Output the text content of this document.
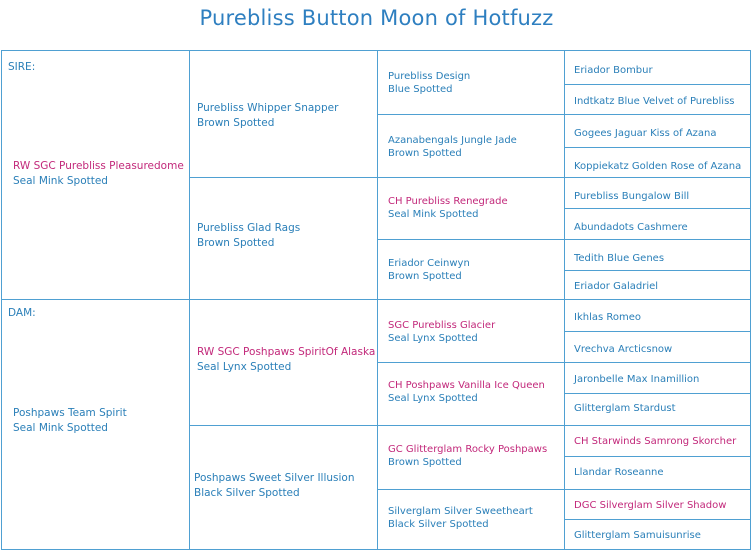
Purebliss Button Moon of Hotfuzz
SIRE:
DAM:
RW SGC Purebliss Pleasuredome
Seal Mink Spotted
Poshpaws Team Spirit
Seal Mink Spotted
Purebliss Whipper Snapper
Brown Spotted
Purebliss Glad Rags
Brown Spotted
RW SGC Poshpaws SpiritOf Alaska
Seal Lynx Spotted
Poshpaws Sweet Silver Illusion
Black Silver Spotted
Purebliss Design
Blue Spotted
Azanabengals Jungle Jade
Brown Spotted
CH Purebliss Renegrade
Seal Mink Spotted
Eriador Ceinwyn
Brown Spotted
SGC Purebliss Glacier
Seal Lynx Spotted
CH Poshpaws Vanilla Ice Queen
Seal Lynx Spotted
GC Glitterglam Rocky Poshpaws
Brown Spotted
Silverglam Silver Sweetheart
Black Silver Spotted
Eriador Bombur
Indtkatz Blue Velvet of Purebliss
Gogees Jaguar Kiss of Azana
Koppiekatz Golden Rose of Azana
Purebliss Bungalow Bill
Abundadots Cashmere
Tedith Blue Genes
Eriador Galadriel
Ikhlas Romeo
Vrechva Arcticsnow
Jaronbelle Max Inamillion
Glitterglam Stardust
CH Starwinds Samrong Skorcher
Llandar Roseanne
DGC Silverglam Silver Shadow
Glitterglam Samuisunrise
